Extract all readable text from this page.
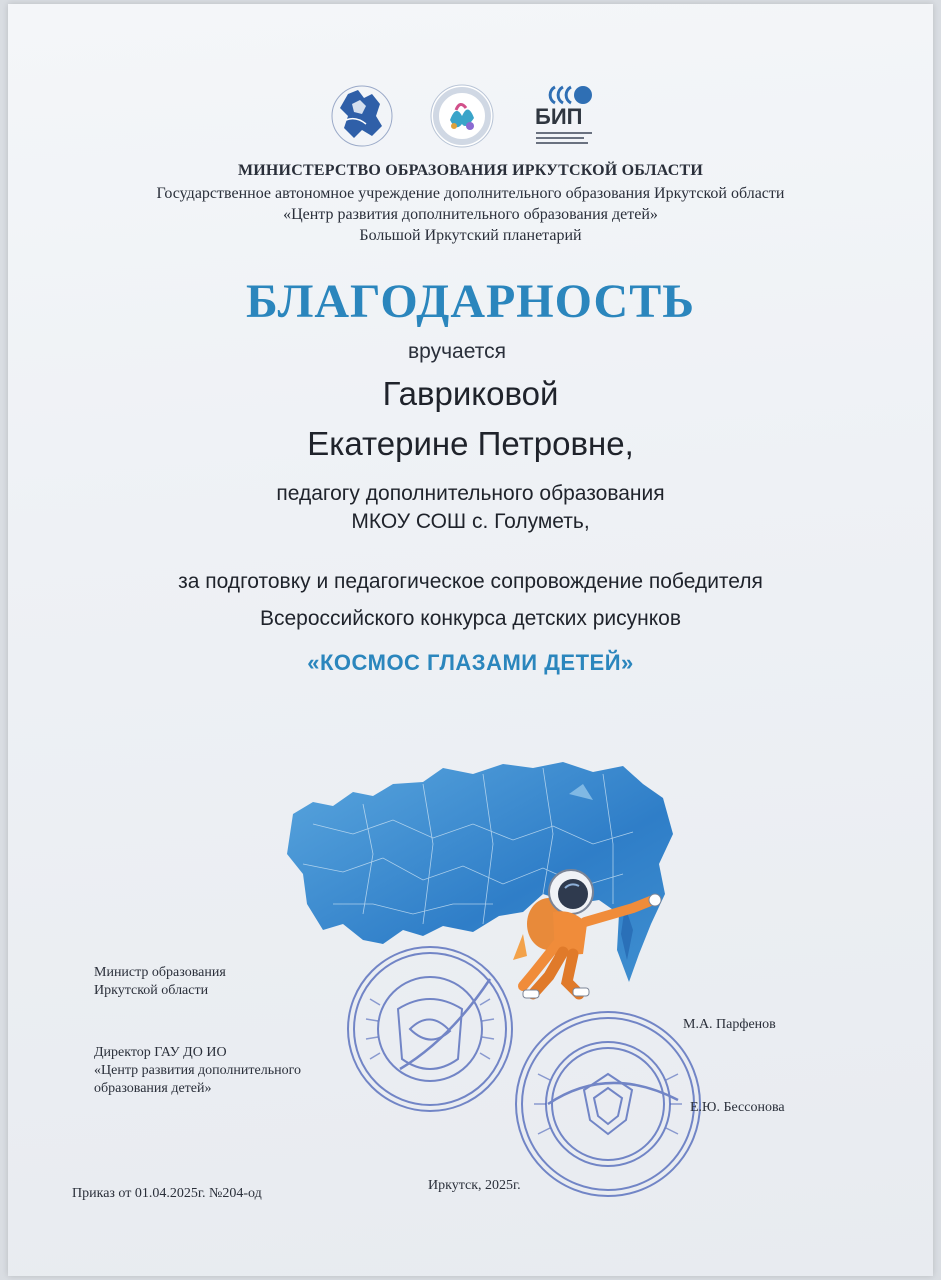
БИП
МИНИСТЕРСТВО ОБРАЗОВАНИЯ ИРКУТСКОЙ ОБЛАСТИ
Государственное автономное учреждение дополнительного образования Иркутской области
«Центр развития дополнительного образования детей»
Большой Иркутский планетарий
БЛАГОДАРНОСТЬ
вручается
Гавриковой
Екатерине Петровне,
педагогу дополнительного образования
МКОУ СОШ с. Голуметь,
за подготовку и педагогическое сопровождение победителя
Всероссийского конкурса детских рисунков
«КОСМОС ГЛАЗАМИ ДЕТЕЙ»
Министр образования
Иркутской области
М.А. Парфенов
Директор ГАУ ДО ИО
«Центр развития дополнительного
образования детей»
Е.Ю. Бессонова
Приказ от 01.04.2025г. №204-од
Иркутск, 2025г.
